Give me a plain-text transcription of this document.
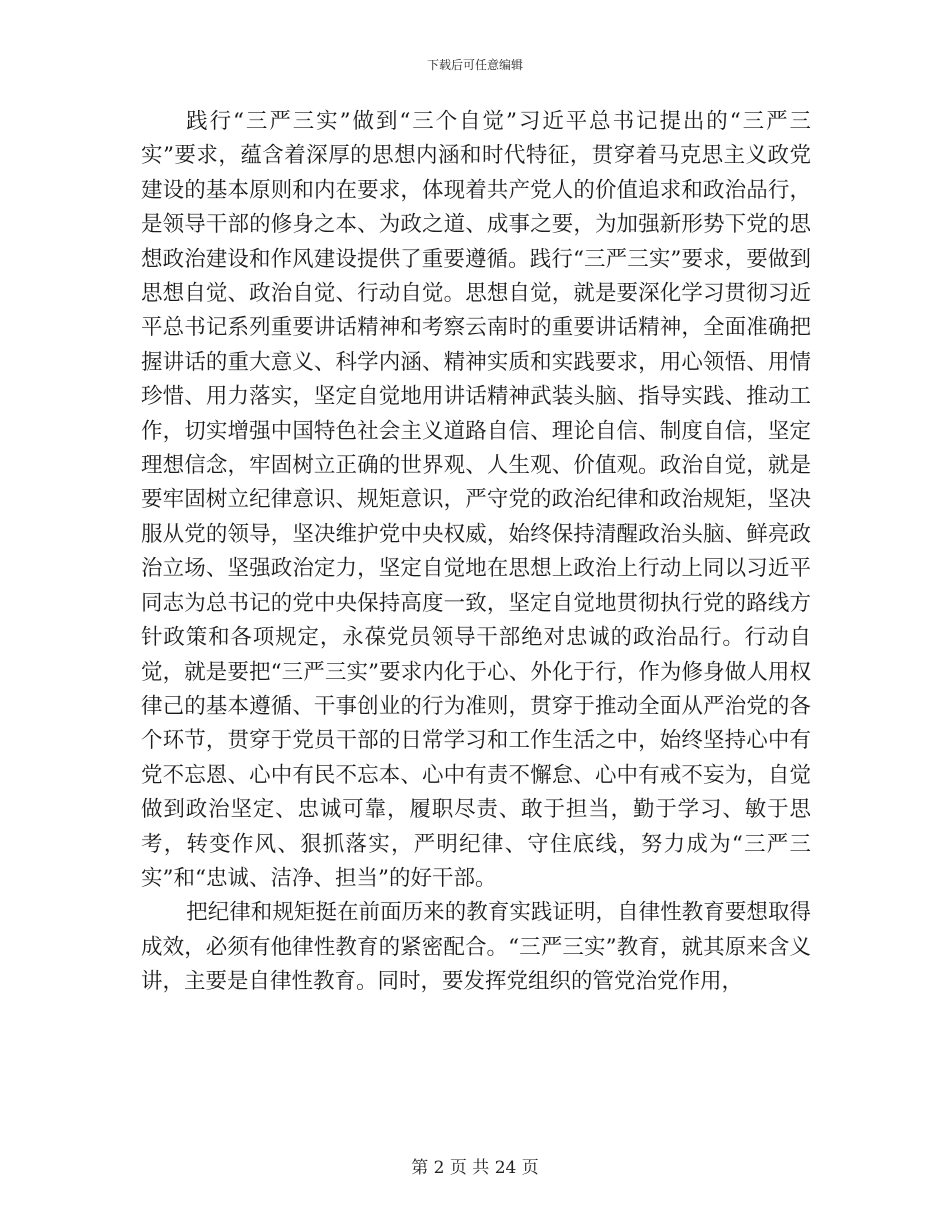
下载后可任意编辑

践行“三严三实”做到“三个自觉”习近平总书记提出的“三严三实”要求，蕴含着深厚的思想内涵和时代特征，贯穿着马克思主义政党建设的基本原则和内在要求，体现着共产党人的价值追求和政治品行，是领导干部的修身之本、为政之道、成事之要，为加强新形势下党的思想政治建设和作风建设提供了重要遵循。践行“三严三实”要求，要做到思想自觉、政治自觉、行动自觉。思想自觉，就是要深化学习贯彻习近平总书记系列重要讲话精神和考察云南时的重要讲话精神，全面准确把握讲话的重大意义、科学内涵、精神实质和实践要求，用心领悟、用情珍惜、用力落实，坚定自觉地用讲话精神武装头脑、指导实践、推动工作，切实增强中国特色社会主义道路自信、理论自信、制度自信，坚定理想信念，牢固树立正确的世界观、人生观、价值观。政治自觉，就是要牢固树立纪律意识、规矩意识，严守党的政治纪律和政治规矩，坚决服从党的领导，坚决维护党中央权威，始终保持清醒政治头脑、鲜亮政治立场、坚强政治定力，坚定自觉地在思想上政治上行动上同以习近平同志为总书记的党中央保持高度一致，坚定自觉地贯彻执行党的路线方针政策和各项规定，永葆党员领导干部绝对忠诚的政治品行。行动自觉，就是要把“三严三实”要求内化于心、外化于行，作为修身做人用权律己的基本遵循、干事创业的行为准则，贯穿于推动全面从严治党的各个环节，贯穿于党员干部的日常学习和工作生活之中，始终坚持心中有党不忘恩、心中有民不忘本、心中有责不懈怠、心中有戒不妄为，自觉做到政治坚定、忠诚可靠，履职尽责、敢于担当，勤于学习、敏于思考，转变作风、狠抓落实，严明纪律、守住底线，努力成为“三严三实”和“忠诚、洁净、担当”的好干部。

把纪律和规矩挺在前面历来的教育实践证明，自律性教育要想取得成效，必须有他律性教育的紧密配合。“三严三实”教育，就其原来含义讲，主要是自律性教育。同时，要发挥党组织的管党治党作用，

第 2 页 共 24 页
